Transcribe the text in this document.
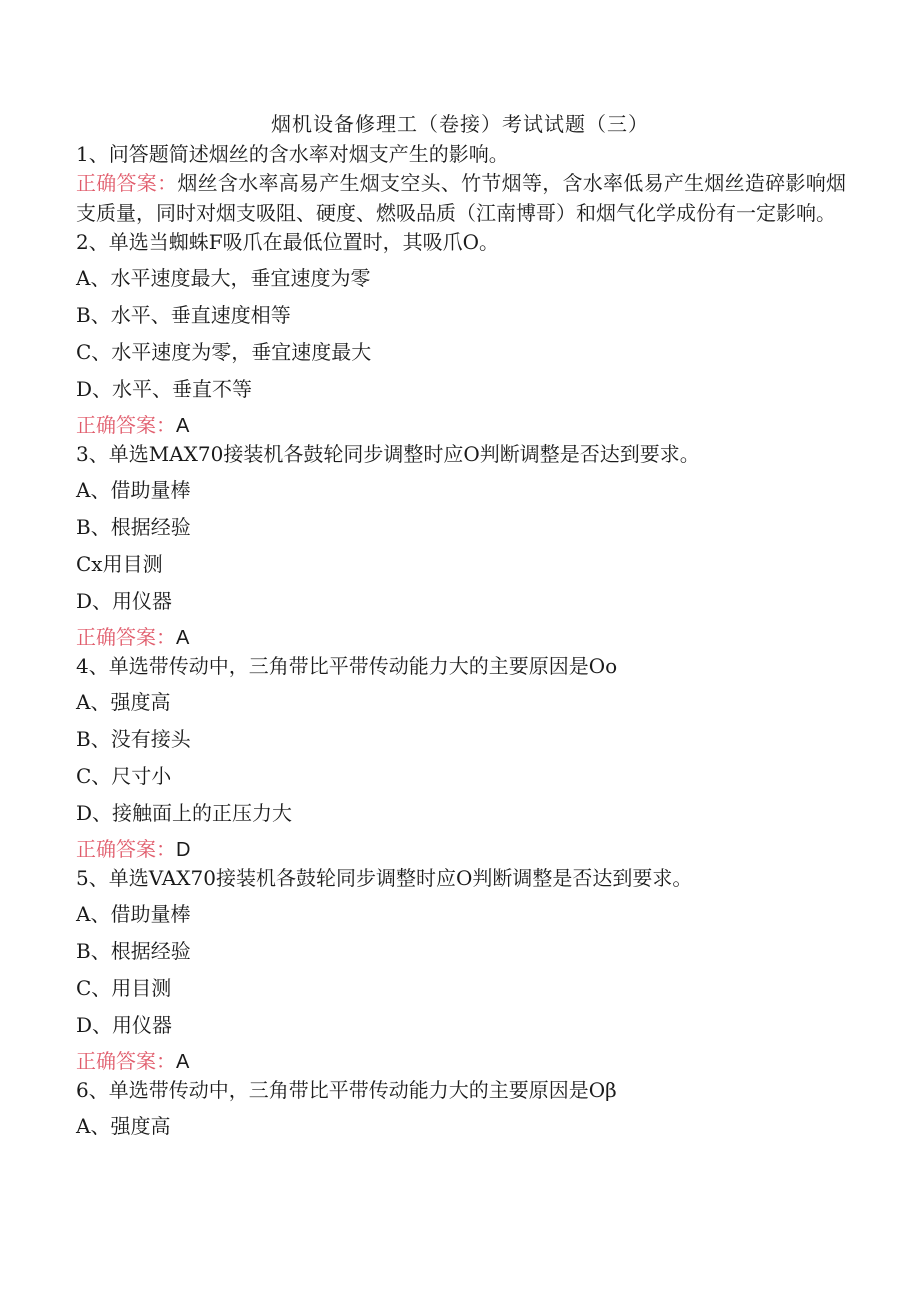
烟机设备修理工（卷接）考试试题（三）

1、问答题简述烟丝的含水率对烟支产生的影响。

正确答案：烟丝含水率高易产生烟支空头、竹节烟等，含水率低易产生烟丝造碎影响烟支质量，同时对烟支吸阻、硬度、燃吸品质（江南博哥）和烟气化学成份有一定影响。

2、单选当蜘蛛F吸爪在最低位置时，其吸爪O。

A、水平速度最大，垂宜速度为零

B、水平、垂直速度相等

C、水平速度为零，垂宜速度最大

D、水平、垂直不等

正确答案：A

3、单选MAX70接装机各鼓轮同步调整时应O判断调整是否达到要求。

A、借助量棒

B、根据经验

Cx用目测

D、用仪器

正确答案：A

4、单选带传动中，三角带比平带传动能力大的主要原因是Oo

A、强度高

B、没有接头

C、尺寸小

D、接触面上的正压力大

正确答案：D

5、单选VAX70接装机各鼓轮同步调整时应O判断调整是否达到要求。

A、借助量棒

B、根据经验

C、用目测

D、用仪器

正确答案：A

6、单选带传动中，三角带比平带传动能力大的主要原因是Oβ

A、强度高
